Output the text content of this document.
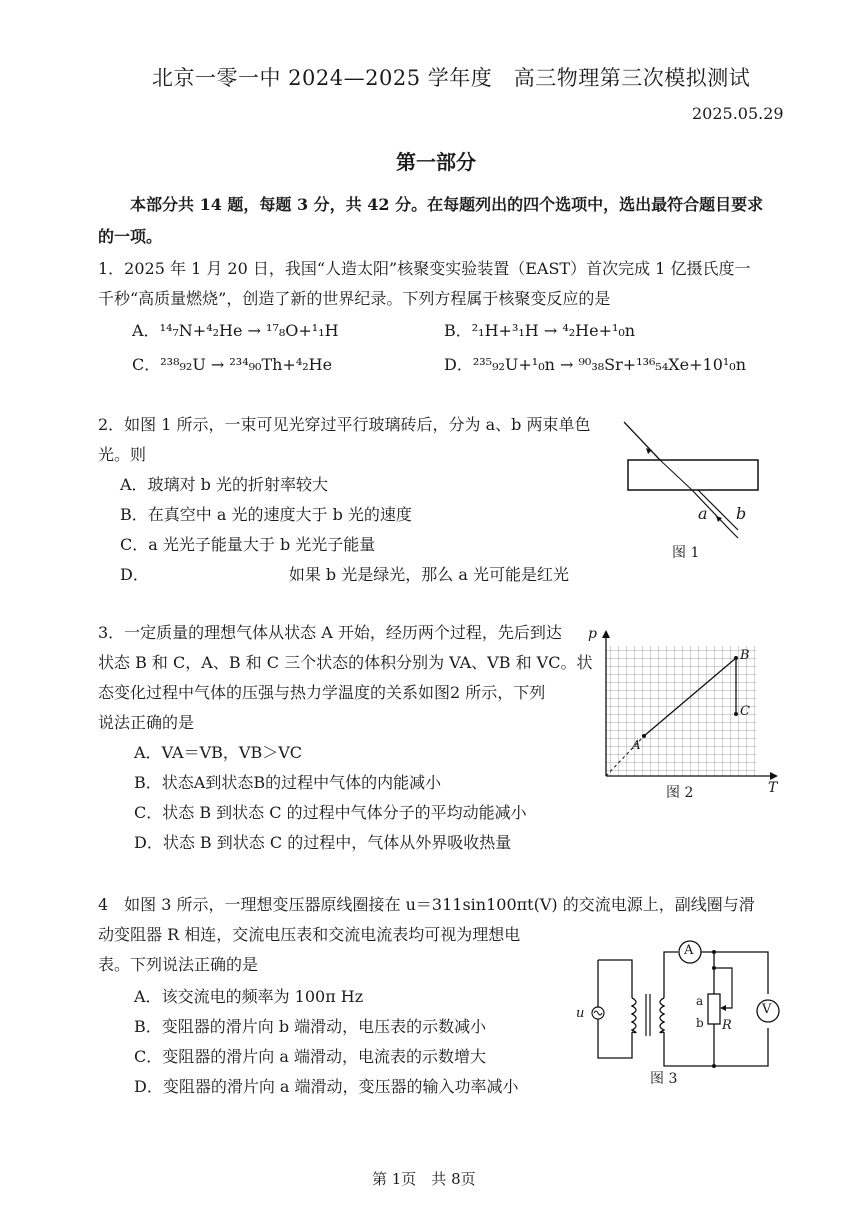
北京一零一中 2024—2025 学年度　高三物理第三次模拟测试
2025.05.29
第一部分
本部分共 14 题，每题 3 分，共 42 分。在每题列出的四个选项中，选出最符合题目要求
的一项。
1．2025 年 1 月 20 日，我国“人造太阳”核聚变实验装置（EAST）首次完成 1 亿摄氏度一
千秒“高质量燃烧”，创造了新的世界纪录。下列方程属于核聚变反应的是
A．¹⁴₇N+⁴₂He → ¹⁷₈O+¹₁H	B．²₁H+³₁H → ⁴₂He+¹₀n
C．²³⁸₉₂U → ²³⁴₉₀Th+⁴₂He	D．²³⁵₉₂U+¹₀n → ⁹⁰₃₈Sr+¹³⁶₅₄Xe+10¹₀n
2．如图 1 所示，一束可见光穿过平行玻璃砖后，分为 a、b 两束单色
光。则
A．玻璃对 b 光的折射率较大
B．在真空中 a 光的速度大于 b 光的速度
C．a 光光子能量大于 b 光光子能量
D．	如果 b 光是绿光，那么 a 光可能是红光
a b
图 1
3．一定质量的理想气体从状态 A 开始，经历两个过程，先后到达
状态 B 和 C，A、B 和 C 三个状态的体积分别为 VA、VB 和 VC。状
态变化过程中气体的压强与热力学温度的关系如图2 所示，下列
说法正确的是
A．VA＝VB，VB＞VC
B．状态A到状态B的过程中气体的内能减小
C．状态 B 到状态 C 的过程中气体分子的平均动能减小
D．状态 B 到状态 C 的过程中，气体从外界吸收热量
p
T
A
B
C
图 2
4　如图 3 所示，一理想变压器原线圈接在 u＝311sin100πt(V) 的交流电源上，副线圈与滑
动变阻器 R 相连，交流电压表和交流电流表均可视为理想电
表。下列说法正确的是
A．该交流电的频率为 100π Hz
B．变阻器的滑片向 b 端滑动，电压表的示数减小
C．变阻器的滑片向 a 端滑动，电流表的示数增大
D．变阻器的滑片向 a 端滑动，变压器的输入功率减小
u
A
V
a
b R
图 3
第 1页　共 8页
